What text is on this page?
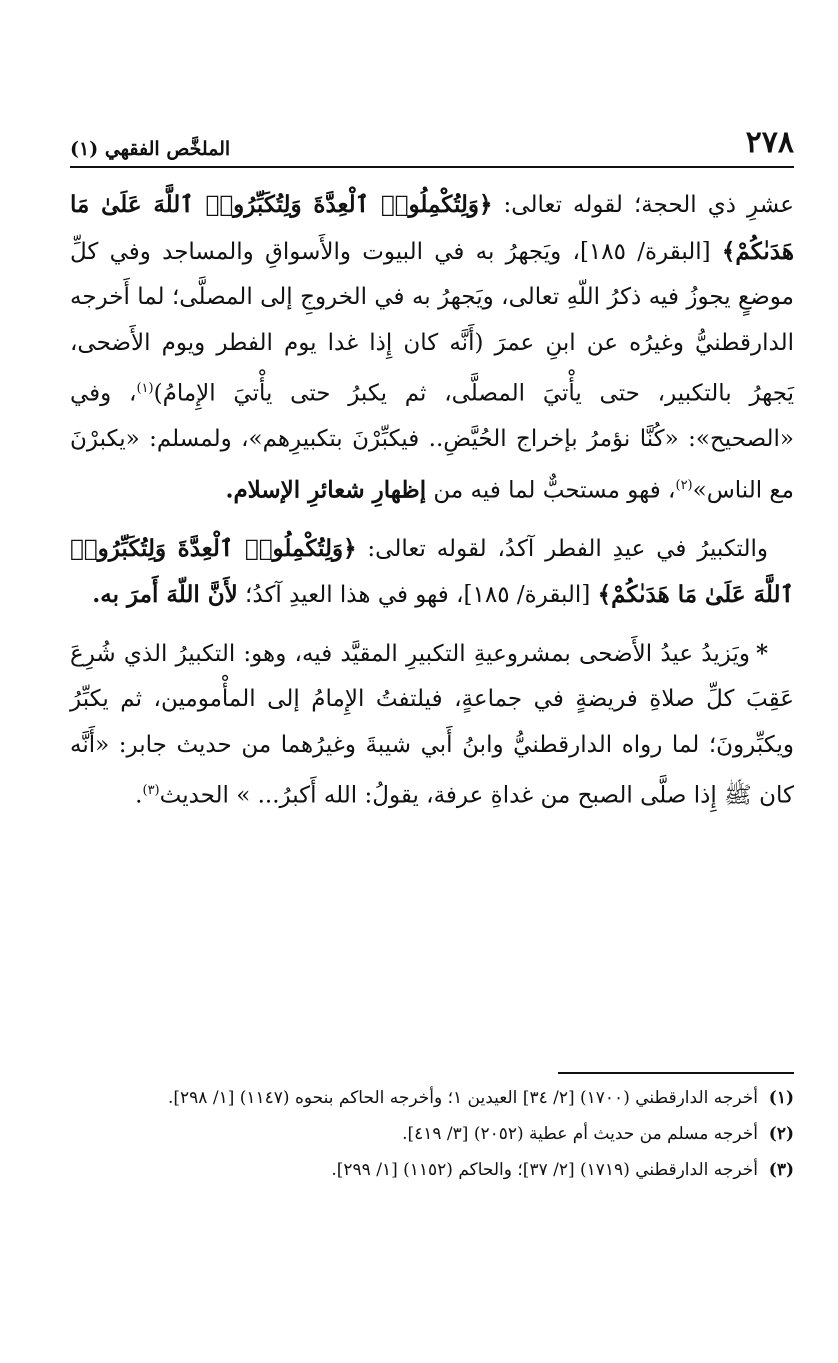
٢٧٨
الملخَّص الفقهي (١)

عشرِ ذي الحجة؛ لقوله تعالى: ﴿وَلِتُكْمِلُوا۟ ٱلْعِدَّةَ وَلِتُكَبِّرُوا۟ ٱللَّهَ عَلَىٰ مَا هَدَىٰكُمْ﴾ [البقرة/ ١٨٥]، ويَجهرُ به في البيوت والأَسواقِ والمساجد وفي كلِّ موضعٍ يجوزُ فيه ذكرُ اللّهِ تعالى، ويَجهرُ به في الخروجِ إلى المصلَّى؛ لما أَخرجه الدارقطنيُّ وغيرُه عن ابنِ عمرَ (أَنَّه كان إِذا غدا يوم الفطر ويوم الأَضحى، يَجهرُ بالتكبير، حتى يأْتيَ المصلَّى، ثم يكبرُ حتى يأْتيَ الإِمامُ)$^{(١)}$، وفي «الصحيح»: «كُنَّا نؤمرُ بإخراج الحُيَّضِ.. فيكبِّرْنَ بتكبيرِهم»، ولمسلم: «يكبرْنَ مع الناس»$^{(٢)}$، فهو مستحبٌّ لما فيه من إظهارِ شعائرِ الإسلام.

والتكبيرُ في عيدِ الفطر آكدُ، لقوله تعالى: ﴿وَلِتُكْمِلُوا۟ ٱلْعِدَّةَ وَلِتُكَبِّرُوا۟ ٱللَّهَ عَلَىٰ مَا هَدَىٰكُمْ﴾ [البقرة/ ١٨٥]، فهو في هذا العيدِ آكدُ؛ لأَنَّ اللّهَ أَمرَ به.

*ويَزيدُ عيدُ الأَضحى بمشروعيةِ التكبيرِ المقيَّد فيه، وهو: التكبيرُ الذي شُرِعَ عَقِبَ كلِّ صلاةِ فريضةٍ في جماعةٍ، فيلتفتُ الإِمامُ إلى المأْمومين، ثم يكبِّرُ ويكبِّرونَ؛ لما رواه الدارقطنيُّ وابنُ أَبي شيبةَ وغيرُهما من حديث جابر: «أَنَّه كان ﷺ إِذا صلَّى الصبح من غداةِ عرفة، يقولُ: الله أَكبرُ... » الحديث$^{(٣)}$.

(١)
أخرجه الدارقطني (١٧٠٠) [٢/ ٣٤] العيدين ١؛ وأخرجه الحاكم بنحوه (١١٤٧) [١/ ٢٩٨].
(٢)
أخرجه مسلم من حديث أم عطية (٢٠٥٢) [٣/ ٤١٩].
(٣)
أخرجه الدارقطني (١٧١٩) [٢/ ٣٧]؛ والحاكم (١١٥٢) [١/ ٢٩٩].
